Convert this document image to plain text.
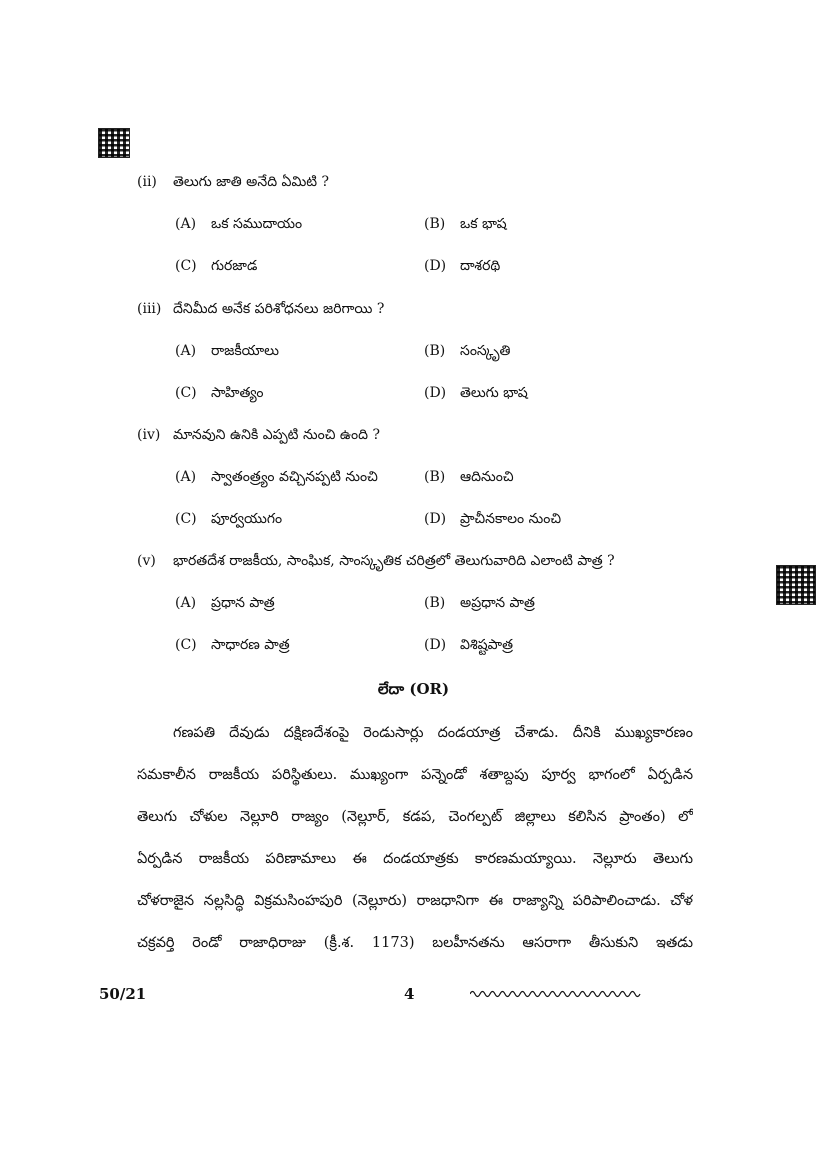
(ii) తెలుగు జాతి అనేది ఏమిటి ?
(A) ఒక సముదాయం	(B) ఒక భాష
(C) గురజాడ	(D) దాశరథి
(iii) దేనిమీద అనేక పరిశోధనలు జరిగాయి ?
(A) రాజకీయాలు	(B) సంస్కృతి
(C) సాహిత్యం	(D) తెలుగు భాష
(iv) మానవుని ఉనికి ఎప్పటి నుంచి ఉంది ?
(A) స్వాతంత్ర్యం వచ్చినప్పటి నుంచి	(B) ఆదినుంచి
(C) పూర్వయుగం	(D) ప్రాచీనకాలం నుంచి
(v) భారతదేశ రాజకీయ, సాంఘిక, సాంస్కృతిక చరిత్రలో తెలుగువారిది ఎలాంటి పాత్ర ?
(A) ప్రధాన పాత్ర	(B) అప్రధాన పాత్ర
(C) సాధారణ పాత్ర	(D) విశిష్టపాత్ర
లేదా (OR)
గణపతి దేవుడు దక్షిణదేశంపై రెండుసార్లు దండయాత్ర చేశాడు. దీనికి ముఖ్యకారణం
సమకాలీన రాజకీయ పరిస్థితులు. ముఖ్యంగా పన్నెండో శతాబ్దపు పూర్వ భాగంలో ఏర్పడిన
తెలుగు చోళుల నెల్లూరి రాజ్యం (నెల్లూర్, కడప, చెంగల్పట్ జిల్లాలు కలిసిన ప్రాంతం) లో
ఏర్పడిన రాజకీయ పరిణామాలు ఈ దండయాత్రకు కారణమయ్యాయి. నెల్లూరు తెలుగు
చోళరాజైన నల్లసిద్ధి విక్రమసింహపురి (నెల్లూరు) రాజధానిగా ఈ రాజ్యాన్ని పరిపాలించాడు. చోళ
చక్రవర్తి రెండో రాజాధిరాజు (క్రీ.శ. 1173) బలహీనతను ఆసరాగా తీసుకుని ఇతడు
50/21	4
